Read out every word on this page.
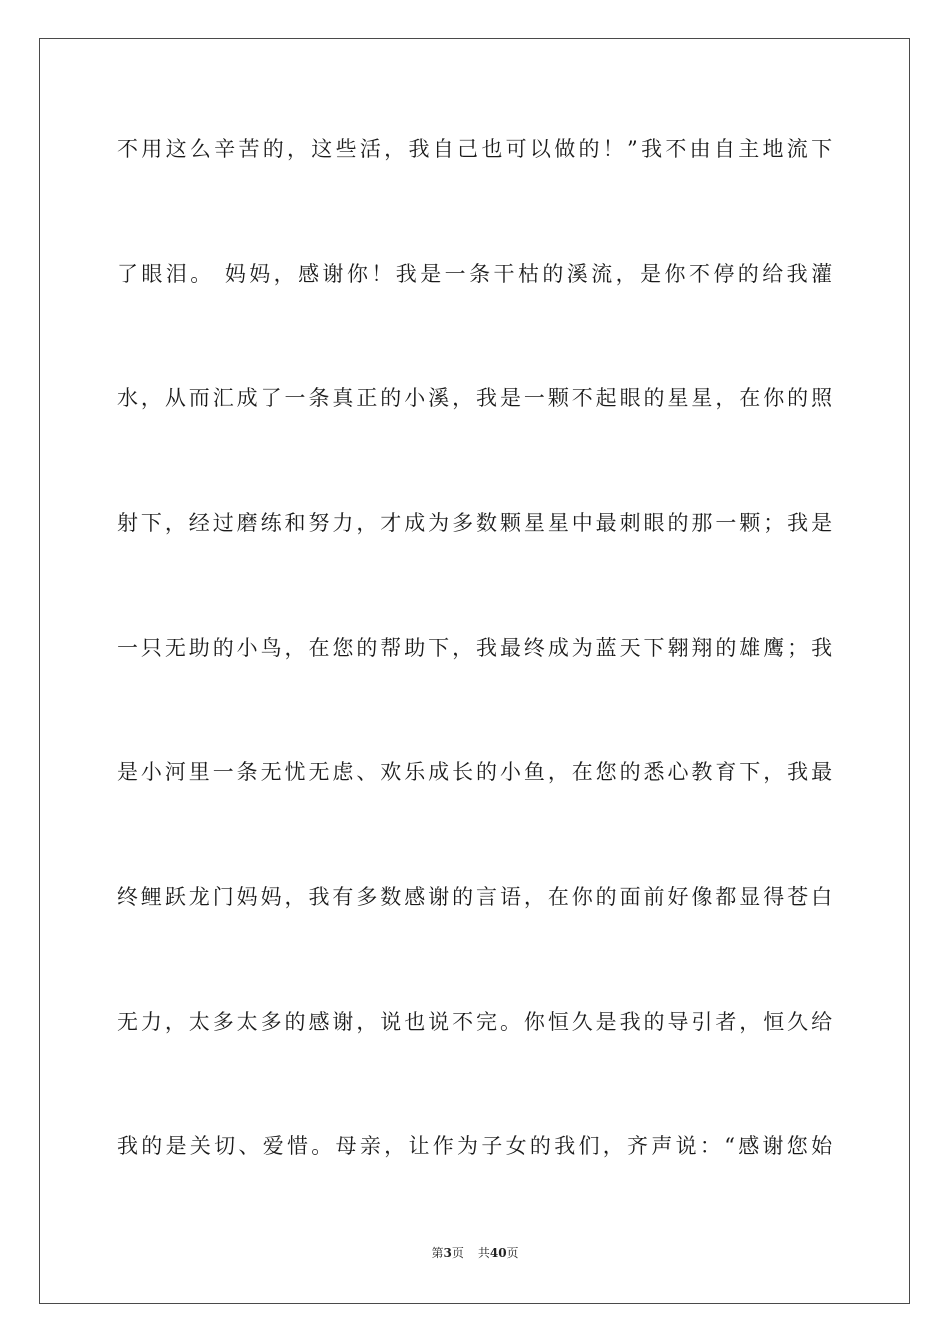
不用这么辛苦的，这些活，我自己也可以做的！”我不由自主地流下
了眼泪。 妈妈，感谢你！我是一条干枯的溪流，是你不停的给我灌
水，从而汇成了一条真正的小溪，我是一颗不起眼的星星，在你的照
射下，经过磨练和努力，才成为多数颗星星中最刺眼的那一颗；我是
一只无助的小鸟，在您的帮助下，我最终成为蓝天下翱翔的雄鹰；我
是小河里一条无忧无虑、欢乐成长的小鱼，在您的悉心教育下，我最
终鲤跃龙门妈妈，我有多数感谢的言语，在你的面前好像都显得苍白
无力，太多太多的感谢，说也说不完。你恒久是我的导引者，恒久给
我的是关切、爱惜。母亲，让作为子女的我们，齐声说：“感谢您始
第3页 共40页
